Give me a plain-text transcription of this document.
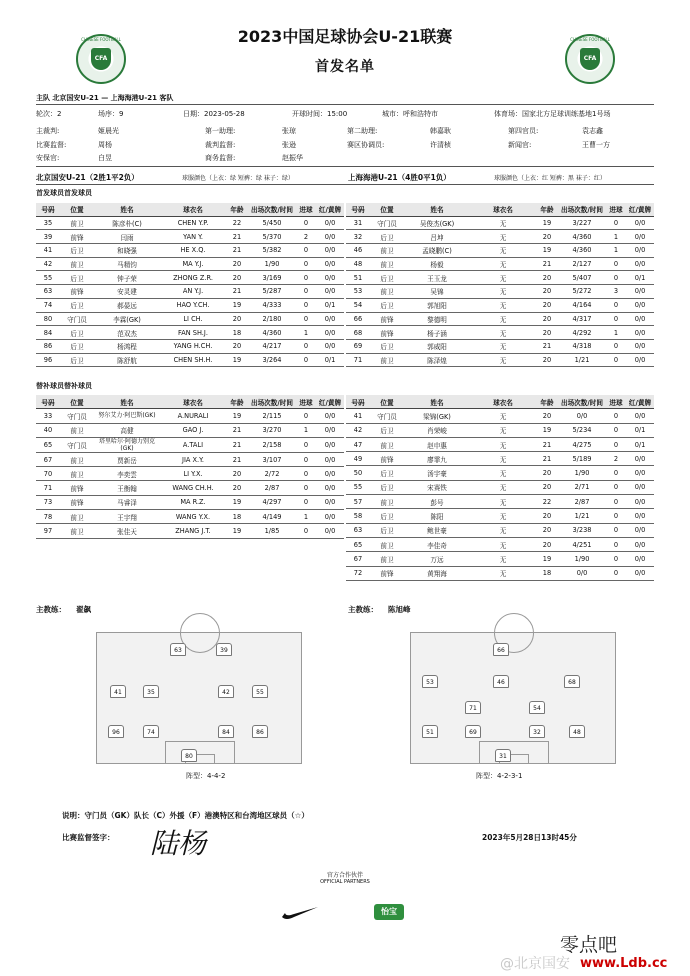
CHINESE FOOTBALL
CFA
CHINESE FOOTBALL
CFA
2023中国足球协会U-21联赛
首发名单
主队 北京国安U-21 — 上海海港U-21 客队
轮次：2	场序：9	日期：2023-05-28	开球时间：15:00	城市：呼和浩特市	体育场：国家北方足球训练基地1号场
主裁判:	姬晨光	第一助理:	张琼	第二助理:	韩嘉耿	第四官员:	袁志鑫
比赛监督:	周杨	裁判监督:	张逊	赛区协调员:	许清桢	新闻官:	王曹一方
安保官:	白昱	商务监督:	赵振华
北京国安U-21（2胜1平2负）	球服颜色（上衣：绿 短裤：绿 袜子：绿）	上海海港U-21（4胜0平1负）	球服颜色（上衣：红 短裤：黑 袜子：红）
首发球员首发球员
号码	位置	姓名	球衣名	年龄	出场次数/时间	进球	红/黄牌
35	前卫	陈彦朴(C)	CHEN Y.P.	22	5/450	0	0/0
39	前锋	闫雨	YAN Y.	21	5/370	2	0/0
41	后卫	和晓强	HE X.Q.	21	5/382	0	0/0
42	前卫	马精钧	MA Y.J.	20	1/90	0	0/0
55	后卫	钟子荣	ZHONG Z.R.	20	3/169	0	0/0
63	前锋	安灵建	AN Y.J.	21	5/287	0	0/0
74	后卫	郝晏远	HAO Y.CH.	19	4/333	0	0/1
80	守门员	李霖(GK)	LI CH.	20	2/180	0	0/0
84	后卫	范双杰	FAN SH.J.	18	4/360	1	0/0
86	后卫	杨鸿程	YANG H.CH.	20	4/217	0	0/0
96	后卫	陈舒航	CHEN SH.H.	19	3/264	0	0/1
号码	位置	姓名	球衣名	年龄	出场次数/时间	进球	红/黄牌
31	守门员	吴俊杰(GK)	无	19	3/227	0	0/0
32	后卫	吕坤	无	20	4/360	1	0/0
46	前卫	孟晓鹏(C)	无	19	4/360	1	0/0
48	前卫	杨毅	无	21	2/127	0	0/0
51	后卫	王玉龙	无	20	5/407	0	0/1
53	前卫	吴锦	无	20	5/272	3	0/0
54	后卫	郭旭阳	无	20	4/164	0	0/0
66	前锋	黎德明	无	20	4/317	0	0/0
68	前锋	杨子涵	无	20	4/292	1	0/0
69	后卫	郭威阳	无	21	4/318	0	0/0
71	前卫	陈泽煌	无	20	1/21	0	0/0
替补球员替补球员
号码	位置	姓名	球衣名	年龄	出场次数/时间	进球	红/黄牌
33	守门员	努尔艾力·阿巴斯(GK)	A.NURALI	19	2/115	0	0/0
40	前卫	高健	GAO J.	21	3/270	1	0/0
65	守门员	塔里哈尔·阿德力别克(GK)	A.TALI	21	2/158	0	0/0
67	前卫	贾新岳	JIA X.Y.	21	3/107	0	0/0
70	前卫	李奕雲	LI Y.X.	20	2/72	0	0/0
71	前锋	王衡翰	WANG CH.H.	20	2/87	0	0/0
73	前锋	马睿泽	MA R.Z.	19	4/297	0	0/0
78	前卫	王宇翔	WANG Y.X.	18	4/149	1	0/0
97	前卫	张佳天	ZHANG J.T.	19	1/85	0	0/0
号码	位置	姓名	球衣名	年龄	出场次数/时间	进球	红/黄牌
41	守门员	梁锦(GK)	无	20	0/0	0	0/0
42	后卫	肖荣峻	无	19	5/234	0	0/1
47	前卫	赵申惠	无	21	4/275	0	0/1
49	前锋	廖霏九	无	21	5/189	2	0/0
50	后卫	汤宇豪	无	20	1/90	0	0/0
55	后卫	宋赛铁	无	20	2/71	0	0/0
57	前卫	彭号	无	22	2/87	0	0/0
58	后卫	陈阳	无	20	1/21	0	0/0
63	后卫	鲍世豪	无	20	3/238	0	0/0
65	前卫	李佳奇	无	20	4/251	0	0/0
67	前卫	万远	无	19	1/90	0	0/0
72	前锋	黄翔海	无	18	0/0	0	0/0
主教练： 翟飙	主教练： 陈旭峰
63	39
41	35	42	55
96	74	84	86
80
阵型：4-4-2
66
53	46	68
71	54
51	69	32	48
31
阵型：4-2-3-1
说明：守门员（GK）队长（C）外援（F）港澳特区和台湾地区球员（☆）
比赛监督签字： 陆杨	2023年5月28日13时45分
官方合作伙伴
OFFICIAL PARTNERS
怡宝
零点吧
www.Ldb.cc
@北京国安
